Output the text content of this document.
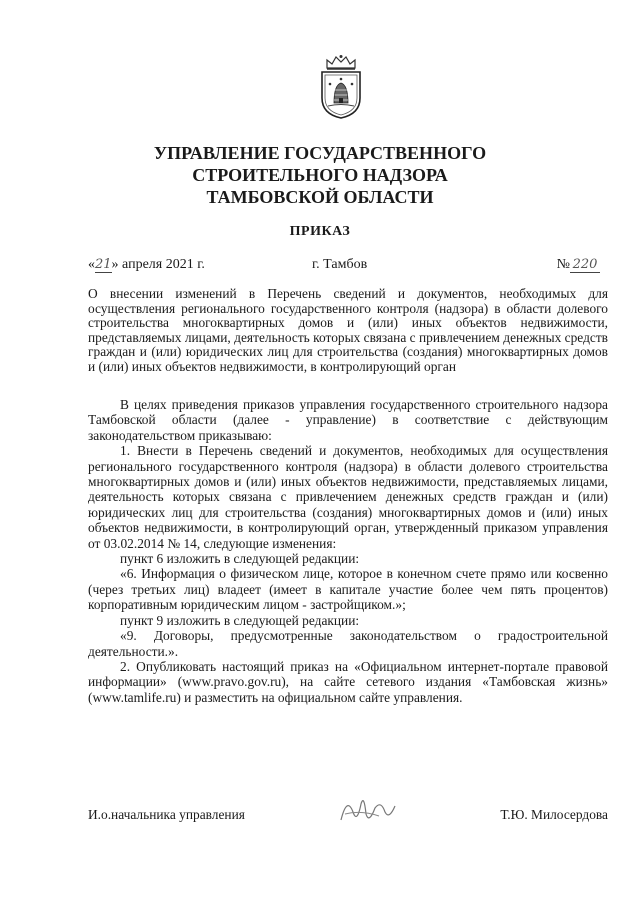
УПРАВЛЕНИЕ ГОСУДАРСТВЕННОГО
СТРОИТЕЛЬНОГО НАДЗОРА
ТАМБОВСКОЙ ОБЛАСТИ
ПРИКАЗ
«21» апреля 2021 г.	г. Тамбов	№ 220
О внесении изменений в Перечень сведений и документов, необходимых для осуществления регионального государственного контроля (надзора) в области долевого строительства многоквартирных домов и (или) иных объектов недвижимости, представляемых лицами, деятельность которых связана с привлечением денежных средств граждан и (или) юридических лиц для строительства (создания) многоквартирных домов и (или) иных объектов недвижимости, в контролирующий орган

В целях приведения приказов управления государственного строительного надзора Тамбовской области (далее - управление) в соответствие с действующим законодательством приказываю:

1. Внести в Перечень сведений и документов, необходимых для осуществления регионального государственного контроля (надзора) в области долевого строительства многоквартирных домов и (или) иных объектов недвижимости, представляемых лицами, деятельность которых связана с привлечением денежных средств граждан и (или) юридических лиц для строительства (создания) многоквартирных домов и (или) иных объектов недвижимости, в контролирующий орган, утвержденный приказом управления от 03.02.2014 № 14, следующие изменения:

пункт 6 изложить в следующей редакции:

«6. Информация о физическом лице, которое в конечном счете прямо или косвенно (через третьих лиц) владеет (имеет в капитале участие более чем пять процентов) корпоративным юридическим лицом - застройщиком.»;

пункт 9 изложить в следующей редакции:

«9. Договоры, предусмотренные законодательством о градостроительной деятельности.».

2. Опубликовать настоящий приказ на «Официальном интернет-портале правовой информации» (www.pravo.gov.ru), на сайте сетевого издания «Тамбовская жизнь» (www.tamlife.ru) и разместить на официальном сайте управления.

И.о.начальника управления	Т.Ю. Милосердова
